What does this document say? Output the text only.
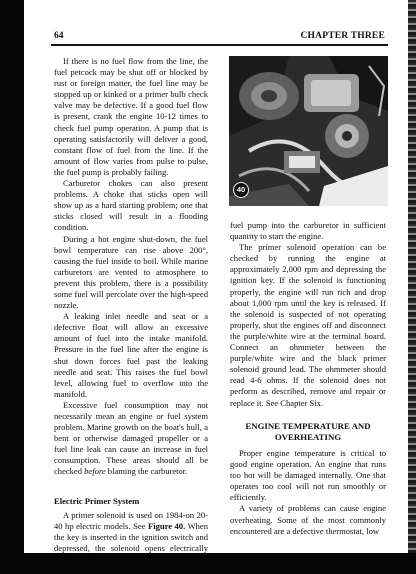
64	CHAPTER THREE

If there is no fuel flow from the line, the fuel petcock may be shut off or blocked by rust or foreign matter, the fuel line may be stopped up or kinked or a primer bulb check valve may be defective. If a good fuel flow is present, crank the engine 10-12 times to check fuel pump operation. A pump that is operating satisfactorily will deliver a good, constant flow of fuel from the line. If the amount of flow varies from pulse to pulse, the fuel pump is probably failing.

Carburetor chokes can also present problems. A choke that sticks open will show up as a hard starting problem; one that sticks closed will result in a flooding condition.

During a hot engine shut-down, the fuel bowl temperature can rise above 200°, causing the fuel inside to boil. While marine carburetors are vented to atmosphere to prevent this problem, there is a possibility some fuel will percolate over the high-speed nozzle.

A leaking inlet needle and seat or a defective float will allow an excessive amount of fuel into the intake manifold. Pressure in the fuel line after the engine is shut down forces fuel past the leaking needle and seat. This raises the fuel bowl level, allowing fuel to overflow into the manifold.

Excessive fuel consumption may not necessarily mean an engine or fuel system problem. Marine growth on the boat's hull, a bent or otherwise damaged propeller or a fuel line leak can cause an increase in fuel consumption. These areas should all be checked before blaming the carburetor.

Electric Primer System

A primer solenoid is used on 1984-on 20-40 hp electric models. See Figure 40. When the key is inserted in the ignition switch and depressed, the solenoid opens electrically

40

fuel pump into the carburetor in sufficient quantity to start the engine.

The primer solenoid operation can be checked by running the engine at approximately 2,000 rpm and depressing the ignition key. If the solenoid is functioning properly, the engine will run rich and drop about 1,000 rpm until the key is released. If the solenoid is suspected of not operating properly, shut the engines off and disconnect the purple/white wire at the terminal board. Connect an ohmmeter between the purple/white wire and the black primer solenoid ground lead. The ohmmeter should read 4-6 ohms. If the solenoid does not perform as described, remove and repair or replace it. See Chapter Six.

ENGINE TEMPERATURE AND
OVERHEATING

Proper engine temperature is critical to good engine operation. An engine that runs too hot will be damaged internally. One that operates too cool will not run smoothly or efficiently.

A variety of problems can cause engine overheating. Some of the most commonly encountered are a defective thermostat, low
